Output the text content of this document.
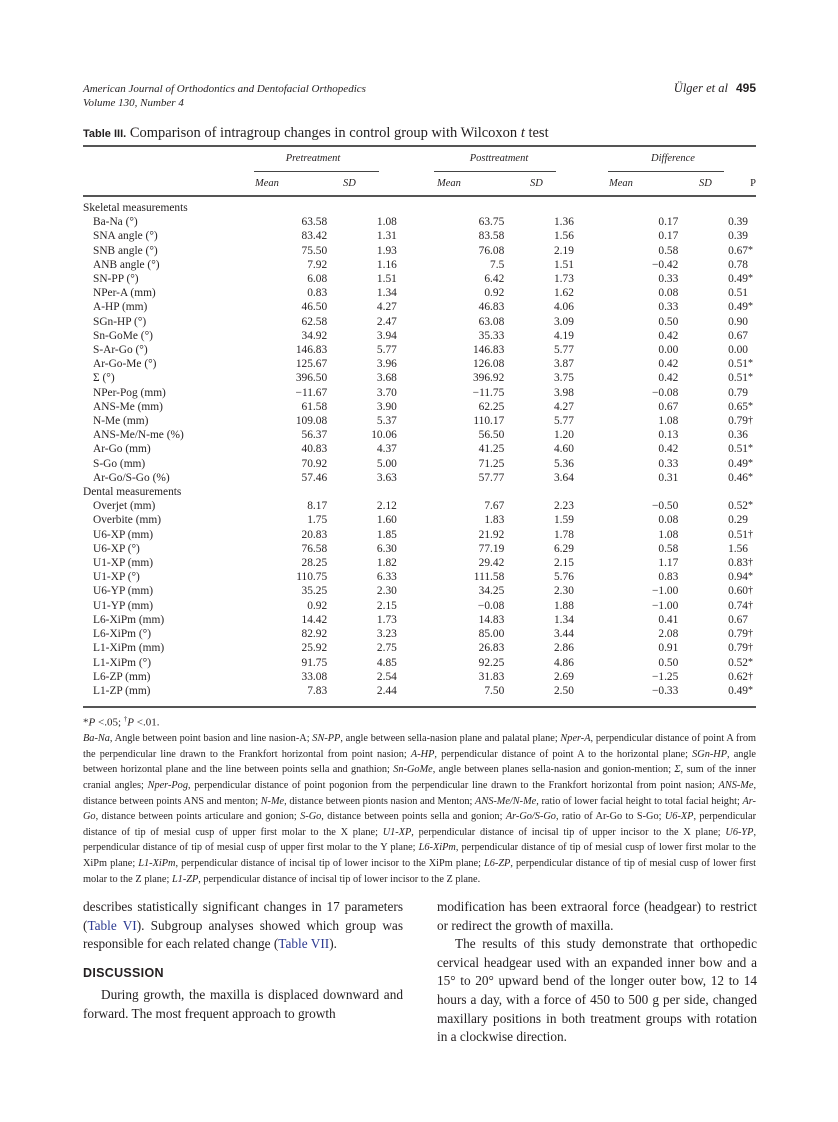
American Journal of Orthodontics and Dentofacial Orthopedics
Volume 130, Number 4
Ülger et al 495
Table III. Comparison of intragroup changes in control group with Wilcoxon t test
Pretreatment	Posttreatment	Difference
Mean	SD	Mean	SD	Mean	SD	P
Skeletal measurements							
Ba-Na (°)	63.58	1.08	63.75	1.36	0.17	0.39	
SNA angle (°)	83.42	1.31	83.58	1.56	0.17	0.39	
SNB angle (°)	75.50	1.93	76.08	2.19	0.58	0.67	*
ANB angle (°)	7.92	1.16	7.5	1.51	−0.42	0.78	
SN-PP (°)	6.08	1.51	6.42	1.73	0.33	0.49	*
NPer-A (mm)	0.83	1.34	0.92	1.62	0.08	0.51	
A-HP (mm)	46.50	4.27	46.83	4.06	0.33	0.49	*
SGn-HP (°)	62.58	2.47	63.08	3.09	0.50	0.90	
Sn-GoMe (°)	34.92	3.94	35.33	4.19	0.42	0.67	
S-Ar-Go (°)	146.83	5.77	146.83	5.77	0.00	0.00	
Ar-Go-Me (°)	125.67	3.96	126.08	3.87	0.42	0.51	*
Σ (°)	396.50	3.68	396.92	3.75	0.42	0.51	*
NPer-Pog (mm)	−11.67	3.70	−11.75	3.98	−0.08	0.79	
ANS-Me (mm)	61.58	3.90	62.25	4.27	0.67	0.65	*
N-Me (mm)	109.08	5.37	110.17	5.77	1.08	0.79	†
ANS-Me/N-me (%)	56.37	10.06	56.50	1.20	0.13	0.36	
Ar-Go (mm)	40.83	4.37	41.25	4.60	0.42	0.51	*
S-Go (mm)	70.92	5.00	71.25	5.36	0.33	0.49	*
Ar-Go/S-Go (%)	57.46	3.63	57.77	3.64	0.31	0.46	*
Dental measurements							
Overjet (mm)	8.17	2.12	7.67	2.23	−0.50	0.52	*
Overbite (mm)	1.75	1.60	1.83	1.59	0.08	0.29	
U6-XP (mm)	20.83	1.85	21.92	1.78	1.08	0.51	†
U6-XP (°)	76.58	6.30	77.19	6.29	0.58	1.56	
U1-XP (mm)	28.25	1.82	29.42	2.15	1.17	0.83	†
U1-XP (°)	110.75	6.33	111.58	5.76	0.83	0.94	*
U6-YP (mm)	35.25	2.30	34.25	2.30	−1.00	0.60	†
U1-YP (mm)	0.92	2.15	−0.08	1.88	−1.00	0.74	†
L6-XiPm (mm)	14.42	1.73	14.83	1.34	0.41	0.67	
L6-XiPm (°)	82.92	3.23	85.00	3.44	2.08	0.79	†
L1-XiPm (mm)	25.92	2.75	26.83	2.86	0.91	0.79	†
L1-XiPm (°)	91.75	4.85	92.25	4.86	0.50	0.52	*
L6-ZP (mm)	33.08	2.54	31.83	2.69	−1.25	0.62	†
L1-ZP (mm)	7.83	2.44	7.50	2.50	−0.33	0.49	*
*P <.05; †P <.01.
Ba-Na, Angle between point basion and line nasion-A; SN-PP, angle between sella-nasion plane and palatal plane; Nper-A, perpendicular distance of point A from the perpendicular line drawn to the Frankfort horizontal from point nasion; A-HP, perpendicular distance of point A to the horizontal plane; SGn-HP, angle between horizontal plane and the line between points sella and gnathion; Sn-GoMe, angle between planes sella-nasion and gonion-mention; Σ, sum of the inner cranial angles; Nper-Pog, perpendicular distance of point pogonion from the perpendicular line drawn to the Frankfort horizontal from point nasion; ANS-Me, distance between points ANS and menton; N-Me, distance between pionts nasion and Menton; ANS-Me/N-Me, ratio of lower facial height to total facial height; Ar-Go, distance between points articulare and gonion; S-Go, distance between points sella and gonion; Ar-Go/S-Go, ratio of Ar-Go to S-Go; U6-XP, perpendicular distance of tip of mesial cusp of upper first molar to the X plane; U1-XP, perpendicular distance of incisal tip of upper incisor to the X plane; U6-YP, perpendicular distance of tip of mesial cusp of upper first molar to the Y plane; L6-XiPm, perpendicular distance of tip of mesial cusp of lower first molar to the XiPm plane; L1-XiPm, perpendicular distance of incisal tip of lower incisor to the XiPm plane; L6-ZP, perpendicular distance of tip of mesial cusp of lower first molar to the Z plane; L1-ZP, perpendicular distance of incisal tip of lower incisor to the Z plane.

describes statistically significant changes in 17 parameters (Table VI). Subgroup analyses showed which group was responsible for each related change (Table VII).

DISCUSSION

During growth, the maxilla is displaced downward and forward. The most frequent approach to growth

modification has been extraoral force (headgear) to restrict or redirect the growth of maxilla.

The results of this study demonstrate that orthopedic cervical headgear used with an expanded inner bow and a 15° to 20° upward bend of the longer outer bow, 12 to 14 hours a day, with a force of 450 to 500 g per side, changed maxillary positions in both treatment groups with rotation in a clockwise direction.
